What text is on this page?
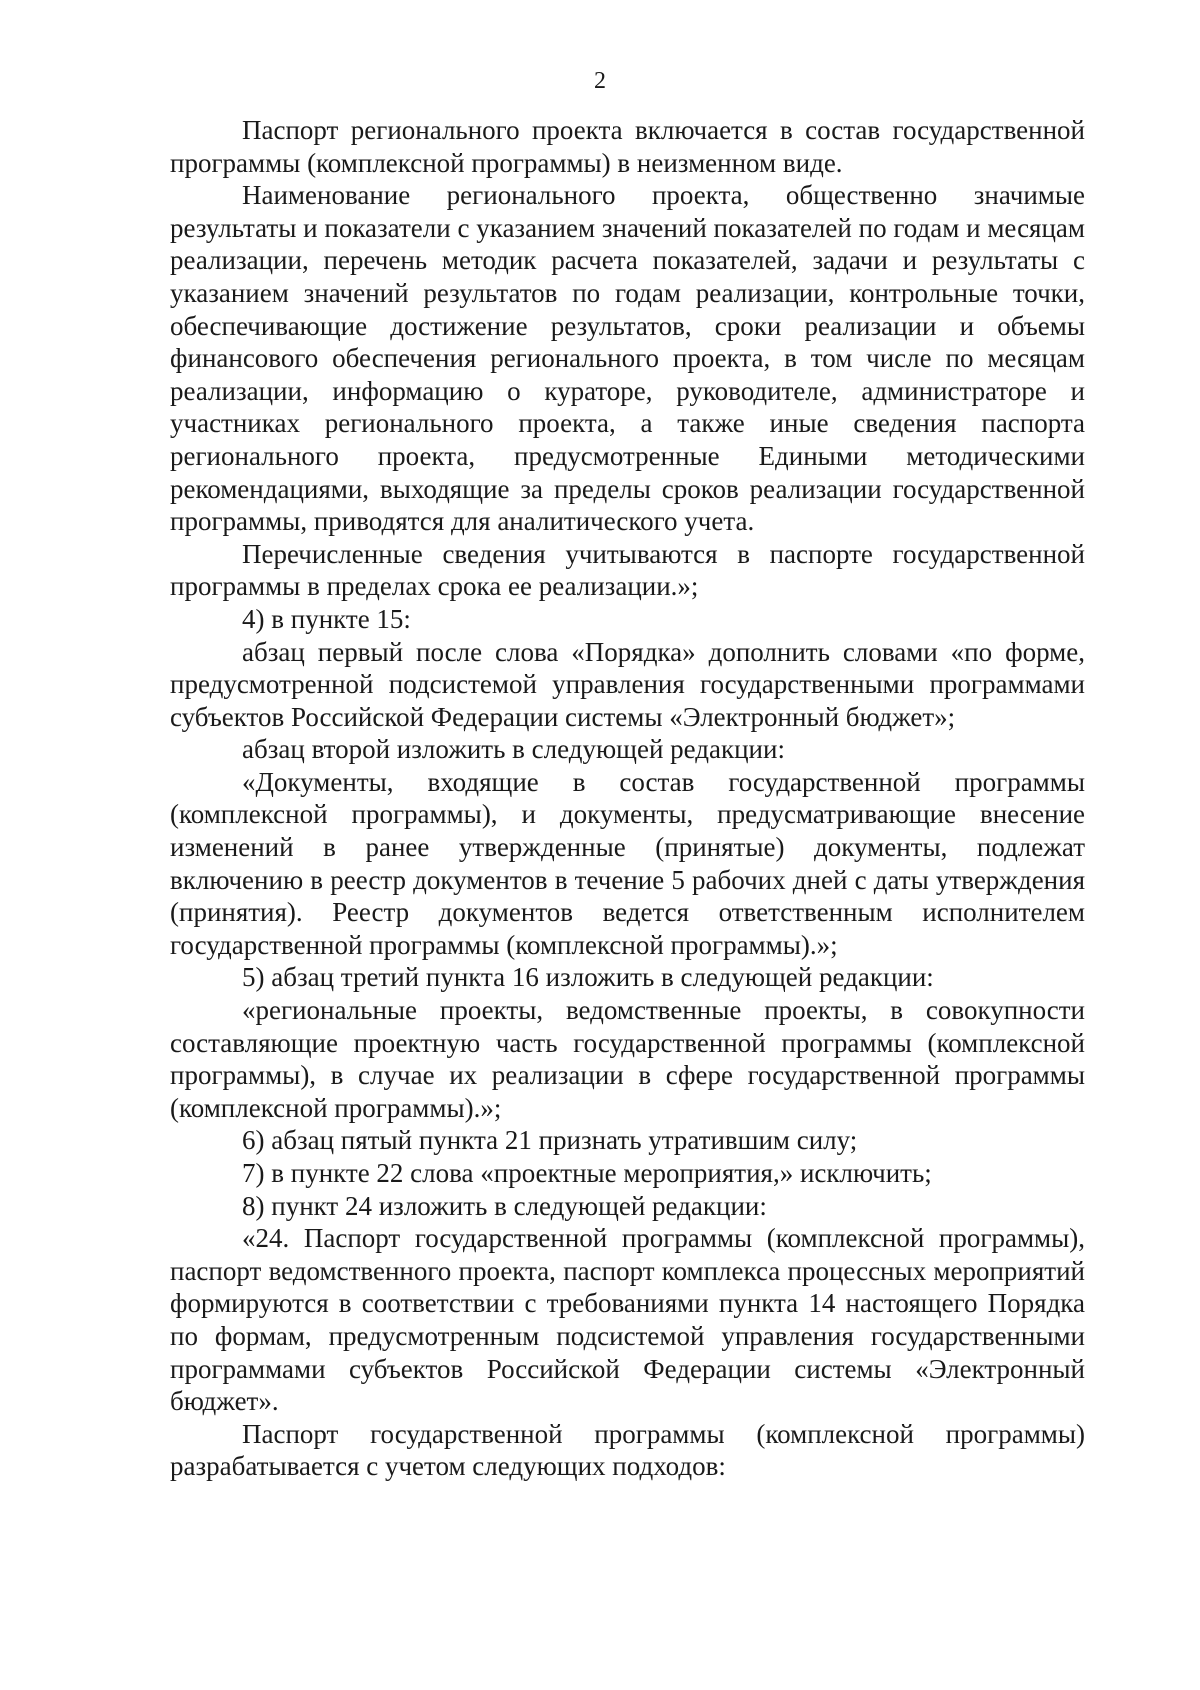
2

Паспорт регионального проекта включается в состав государственной программы (комплексной программы) в неизменном виде.

Наименование регионального проекта, общественно значимые результаты и показатели с указанием значений показателей по годам и месяцам реализации, перечень методик расчета показателей, задачи и результаты с указанием значений результатов по годам реализации, контрольные точки, обеспечивающие достижение результатов, сроки реализации и объемы финансового обеспечения регионального проекта, в том числе по месяцам реализации, информацию о кураторе, руководителе, администраторе и участниках регионального проекта, а также иные сведения паспорта регионального проекта, предусмотренные Едиными методическими рекомендациями, выходящие за пределы сроков реализации государственной программы, приводятся для аналитического учета.

Перечисленные сведения учитываются в паспорте государственной программы в пределах срока ее реализации.»;

4) в пункте 15:

абзац первый после слова «Порядка» дополнить словами «по форме, предусмотренной подсистемой управления государственными программами субъектов Российской Федерации системы «Электронный бюджет»;

абзац второй изложить в следующей редакции:

«Документы, входящие в состав государственной программы (комплексной программы), и документы, предусматривающие внесение изменений в ранее утвержденные (принятые) документы, подлежат включению в реестр документов в течение 5 рабочих дней с даты утверждения (принятия). Реестр документов ведется ответственным исполнителем государственной программы (комплексной программы).»;

5) абзац третий пункта 16 изложить в следующей редакции:

«региональные проекты, ведомственные проекты, в совокупности составляющие проектную часть государственной программы (комплексной программы), в случае их реализации в сфере государственной программы (комплексной программы).»;

6) абзац пятый пункта 21 признать утратившим силу;

7) в пункте 22 слова «проектные мероприятия,» исключить;

8) пункт 24 изложить в следующей редакции:

«24. Паспорт государственной программы (комплексной программы), паспорт ведомственного проекта, паспорт комплекса процессных мероприятий формируются в соответствии с требованиями пункта 14 настоящего Порядка по формам, предусмотренным подсистемой управления государственными программами субъектов Российской Федерации системы «Электронный бюджет».

Паспорт государственной программы (комплексной программы) разрабатывается с учетом следующих подходов:
